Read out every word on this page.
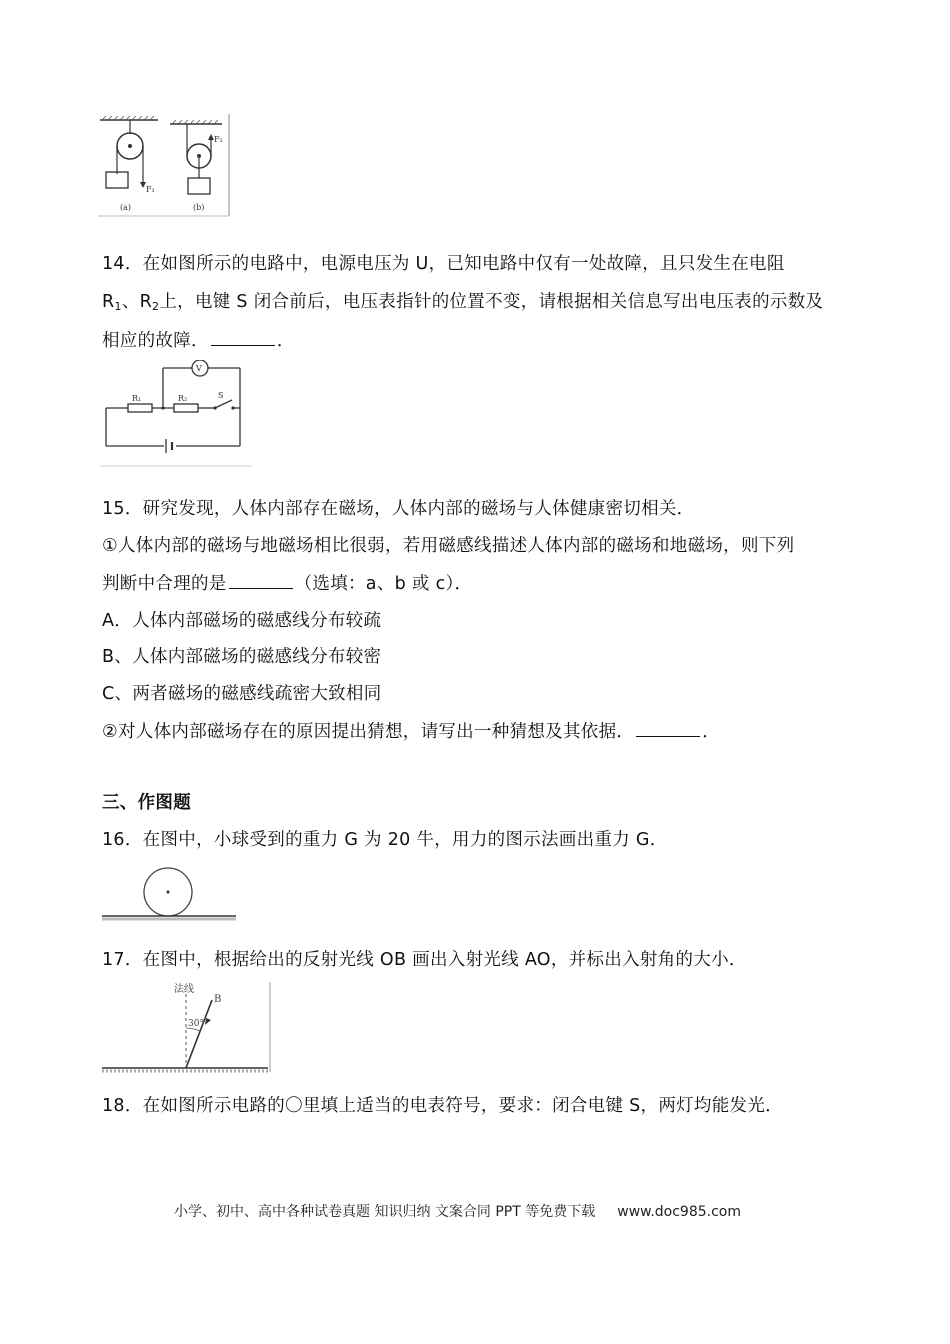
F₁
(a)
F₂
(b)
14．在如图所示的电路中，电源电压为 U，已知电路中仅有一处故障，且只发生在电阻
$R_1$、$R_2$上，电键 S 闭合前后，电压表指针的位置不变，请根据相关信息写出电压表的示数及
相应的故障．	．
R₁	R₂	S
V
15．研究发现，人体内部存在磁场，人体内部的磁场与人体健康密切相关．
①人体内部的磁场与地磁场相比很弱，若用磁感线描述人体内部的磁场和地磁场，则下列
判断中合理的是	（选填：a、b 或 c）．
A．人体内部磁场的磁感线分布较疏
B、人体内部磁场的磁感线分布较密
C、两者磁场的磁感线疏密大致相同
②对人体内部磁场存在的原因提出猜想，请写出一种猜想及其依据．	．
三、作图题
16．在图中，小球受到的重力 G 为 20 牛，用力的图示法画出重力 G．
17．在图中，根据给出的反射光线 OB 画出入射光线 AO，并标出入射角的大小．
法线
B
30°
18．在如图所示电路的〇里填上适当的电表符号，要求：闭合电键 S，两灯均能发光．
小学、初中、高中各种试卷真题 知识归纳 文案合同 PPT 等免费下载 www.doc985.com
